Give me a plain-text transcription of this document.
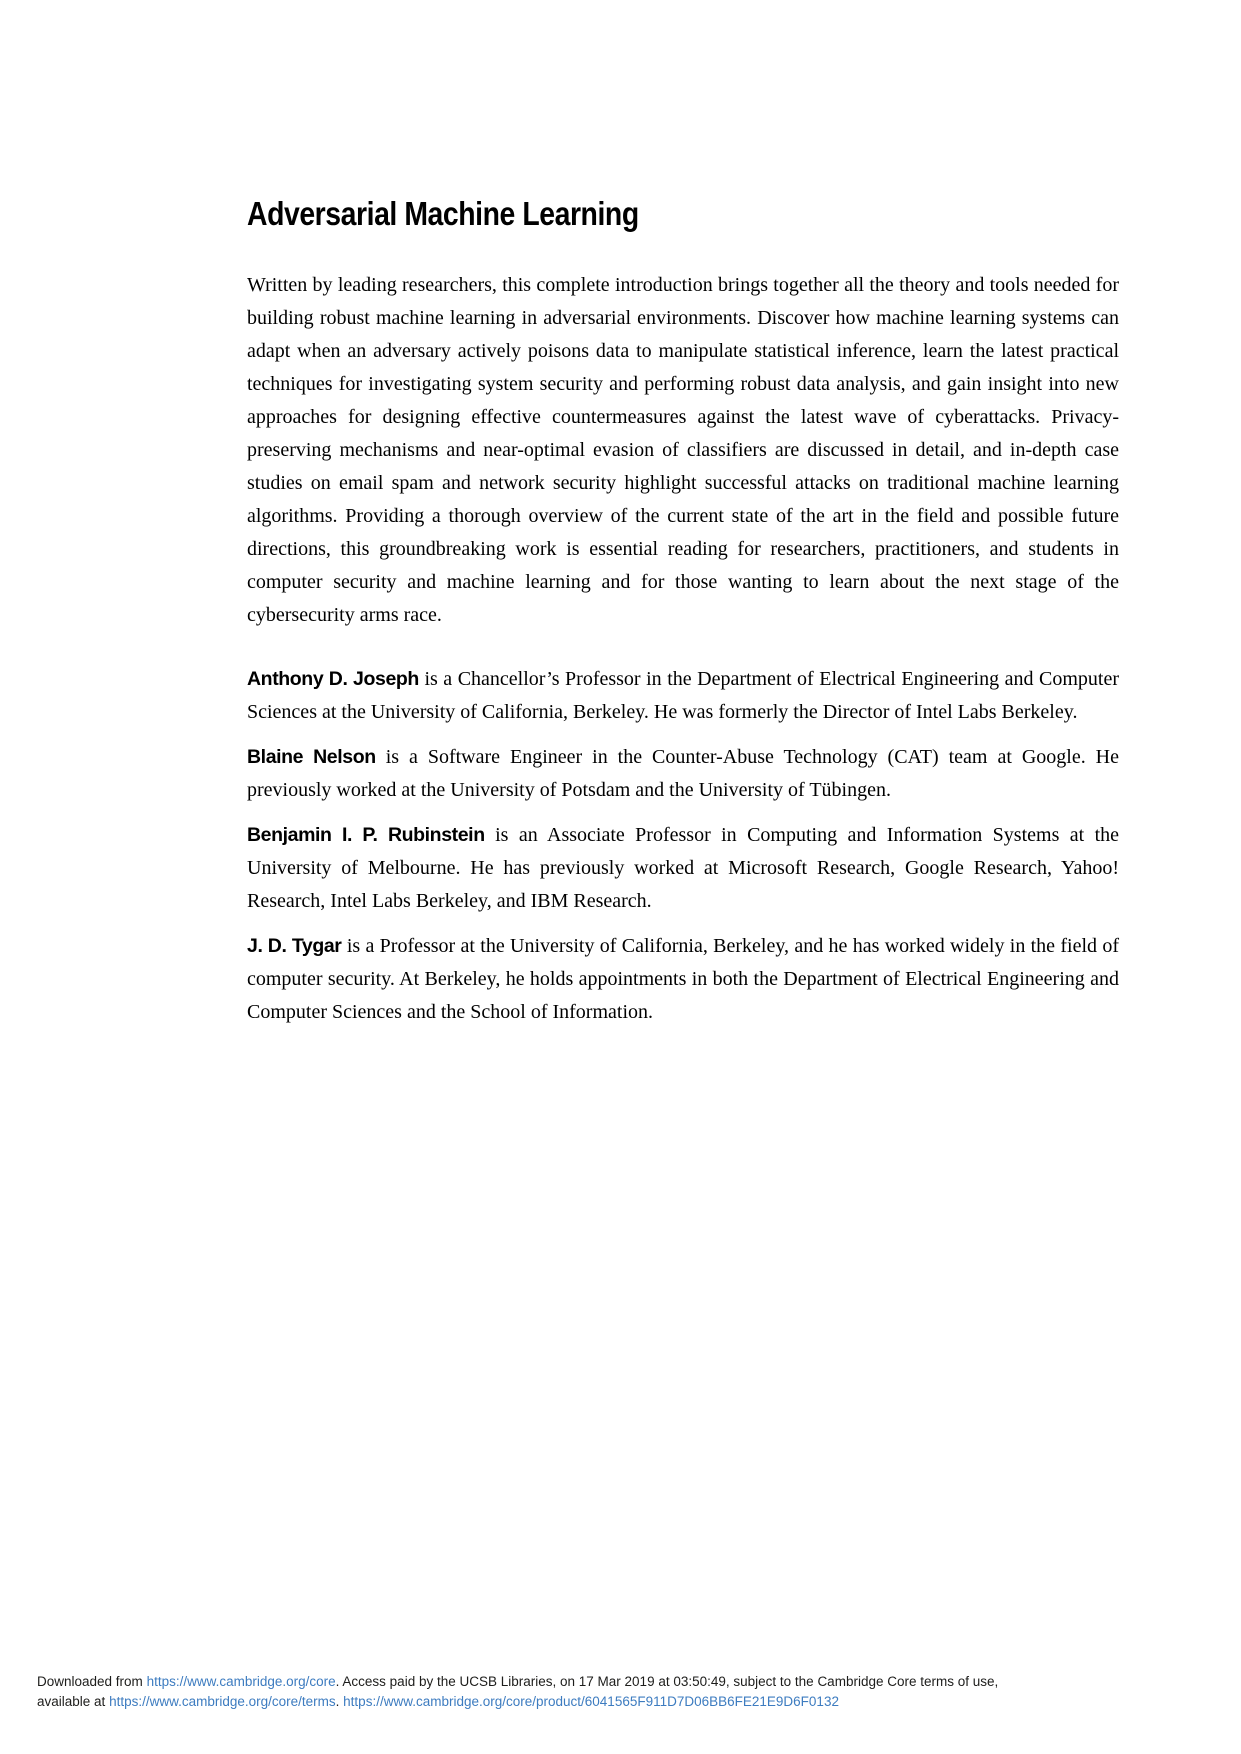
Adversarial Machine Learning

Written by leading researchers, this complete introduction brings together all the theory and tools needed for building robust machine learning in adversarial environments. Discover how machine learning systems can adapt when an adversary actively poisons data to manipulate statistical inference, learn the latest practical techniques for investigating system security and performing robust data analysis, and gain insight into new approaches for designing effective countermeasures against the latest wave of cyberattacks. Privacy-preserving mechanisms and near-optimal evasion of classifiers are discussed in detail, and in-depth case studies on email spam and network security highlight successful attacks on traditional machine learning algorithms. Providing a thorough overview of the current state of the art in the field and possible future directions, this groundbreaking work is essential reading for researchers, practitioners, and students in computer security and machine learning and for those wanting to learn about the next stage of the cybersecurity arms race.

Anthony D. Joseph is a Chancellor’s Professor in the Department of Electrical Engineering and Computer Sciences at the University of California, Berkeley. He was formerly the Director of Intel Labs Berkeley.

Blaine Nelson is a Software Engineer in the Counter-Abuse Technology (CAT) team at Google. He previously worked at the University of Potsdam and the University of Tübingen.

Benjamin I. P. Rubinstein is an Associate Professor in Computing and Information Systems at the University of Melbourne. He has previously worked at Microsoft Research, Google Research, Yahoo! Research, Intel Labs Berkeley, and IBM Research.

J. D. Tygar is a Professor at the University of California, Berkeley, and he has worked widely in the field of computer security. At Berkeley, he holds appointments in both the Department of Electrical Engineering and Computer Sciences and the School of Information.

Downloaded from https://www.cambridge.org/core. Access paid by the UCSB Libraries, on 17 Mar 2019 at 03:50:49, subject to the Cambridge Core terms of use,
available at https://www.cambridge.org/core/terms. https://www.cambridge.org/core/product/6041565F911D7D06BB6FE21E9D6F0132
